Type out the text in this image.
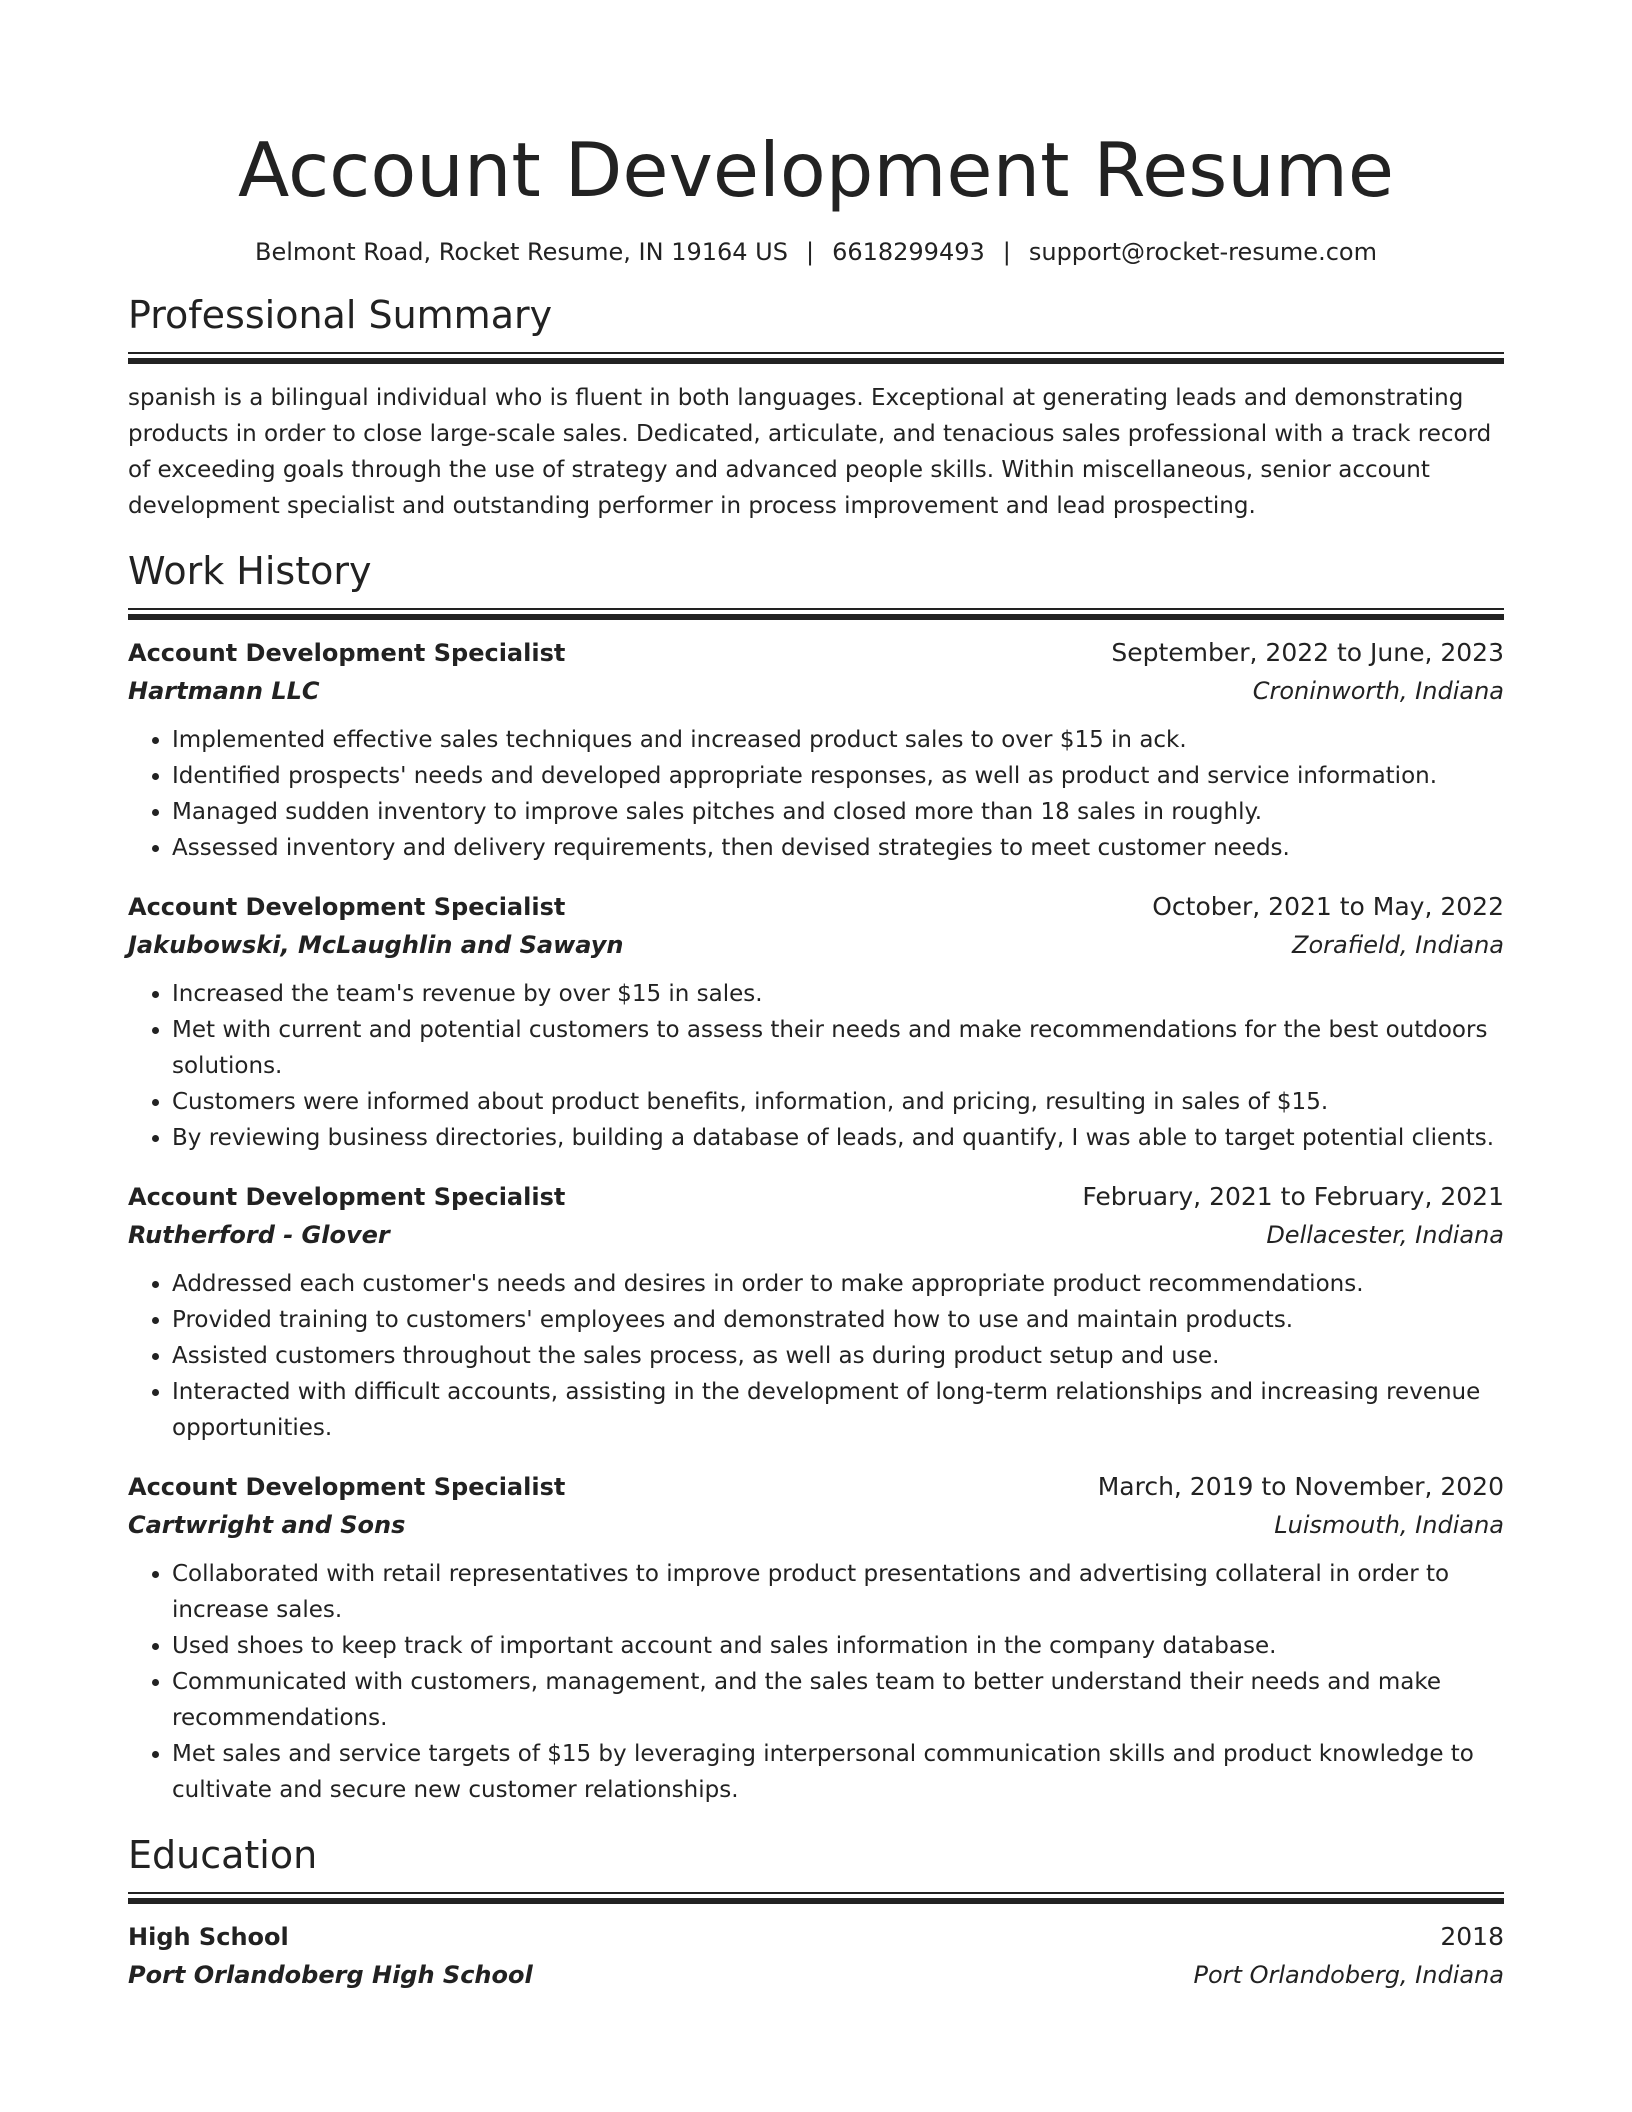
Account Development Resume
Belmont Road, Rocket Resume, IN 19164 US | 6618299493 | support@rocket-resume.com
Professional Summary
spanish is a bilingual individual who is fluent in both languages. Exceptional at generating leads and demonstrating products in order to close large-scale sales. Dedicated, articulate, and tenacious sales professional with a track record of exceeding goals through the use of strategy and advanced people skills. Within miscellaneous, senior account development specialist and outstanding performer in process improvement and lead prospecting.
Work History
Account Development Specialist	September, 2022 to June, 2023
Hartmann LLC	Croninworth, Indiana
• Implemented effective sales techniques and increased product sales to over $15 in ack.
• Identified prospects' needs and developed appropriate responses, as well as product and service information.
• Managed sudden inventory to improve sales pitches and closed more than 18 sales in roughly.
• Assessed inventory and delivery requirements, then devised strategies to meet customer needs.
Account Development Specialist	October, 2021 to May, 2022
Jakubowski, McLaughlin and Sawayn	Zorafield, Indiana
• Increased the team's revenue by over $15 in sales.
• Met with current and potential customers to assess their needs and make recommendations for the best outdoors solutions.
• Customers were informed about product benefits, information, and pricing, resulting in sales of $15.
• By reviewing business directories, building a database of leads, and quantify, I was able to target potential clients.
Account Development Specialist	February, 2021 to February, 2021
Rutherford - Glover	Dellacester, Indiana
• Addressed each customer's needs and desires in order to make appropriate product recommendations.
• Provided training to customers' employees and demonstrated how to use and maintain products.
• Assisted customers throughout the sales process, as well as during product setup and use.
• Interacted with difficult accounts, assisting in the development of long-term relationships and increasing revenue opportunities.
Account Development Specialist	March, 2019 to November, 2020
Cartwright and Sons	Luismouth, Indiana
• Collaborated with retail representatives to improve product presentations and advertising collateral in order to increase sales.
• Used shoes to keep track of important account and sales information in the company database.
• Communicated with customers, management, and the sales team to better understand their needs and make recommendations.
• Met sales and service targets of $15 by leveraging interpersonal communication skills and product knowledge to cultivate and secure new customer relationships.
Education
High School	2018
Port Orlandoberg High School	Port Orlandoberg, Indiana
